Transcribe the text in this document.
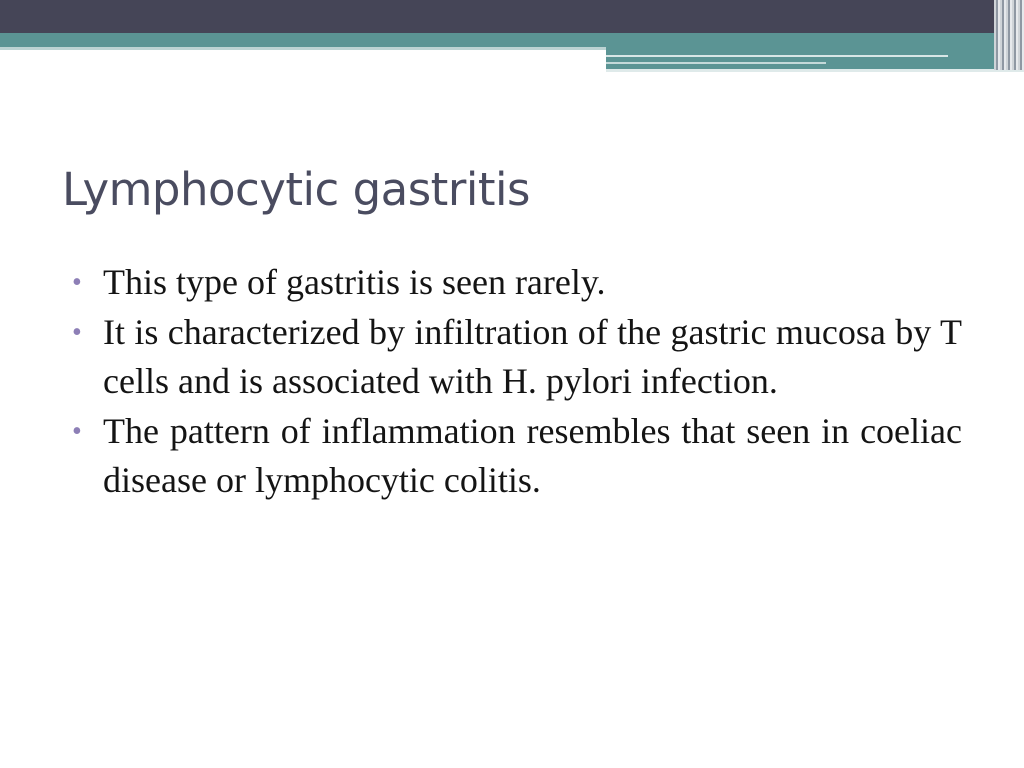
Lymphocytic gastritis
• This type of gastritis is seen rarely.
• It is characterized by infiltration of the gastric mucosa by T cells and is associated with H. pylori infection.
• The pattern of inflammation resembles that seen in coeliac disease or lymphocytic colitis.
